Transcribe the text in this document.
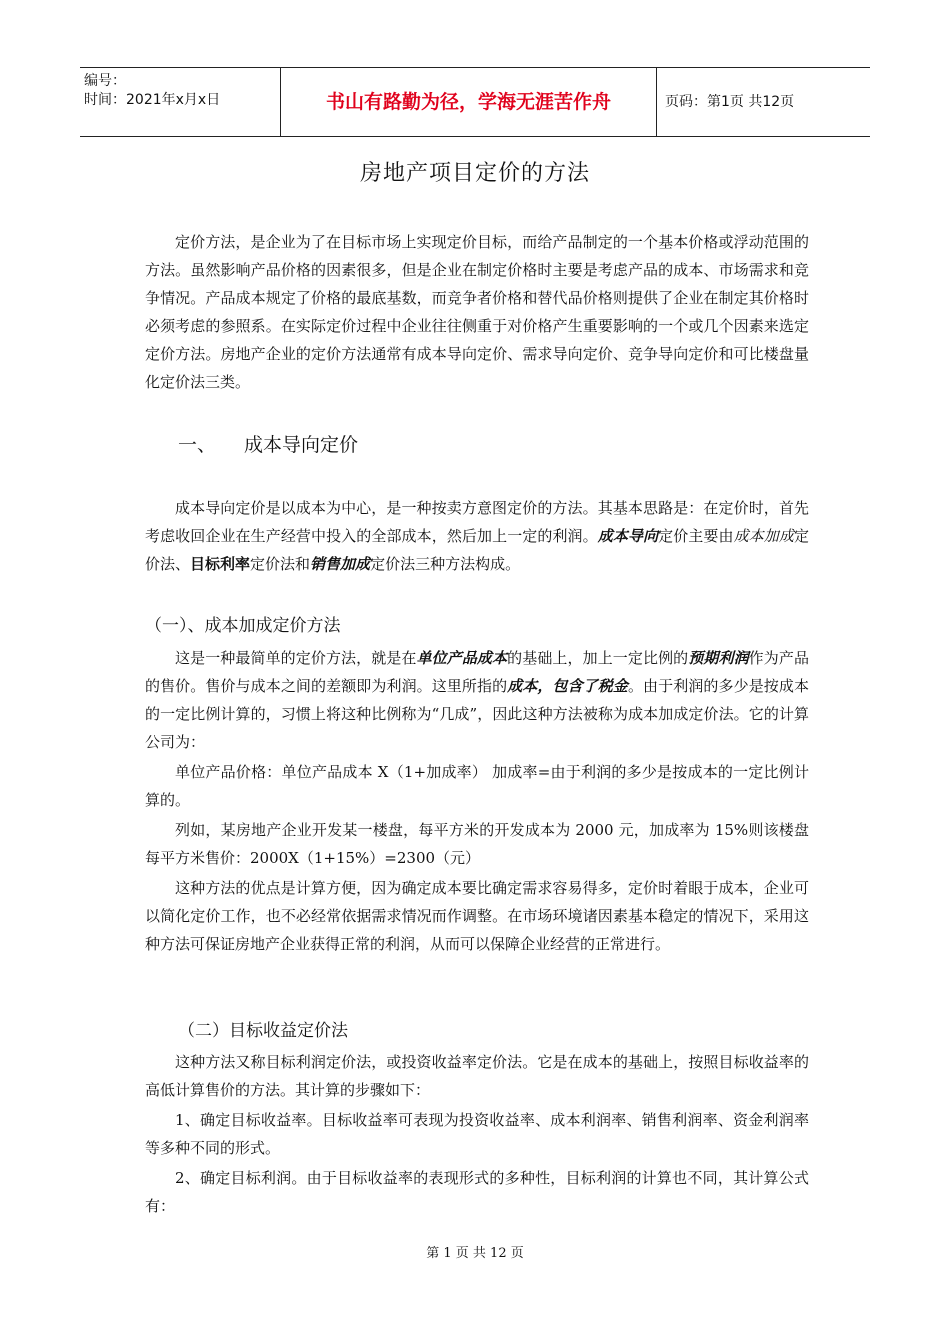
编号：
时间：2021年x月x日	书山有路勤为径，学海无涯苦作舟	页码：第1页 共12页
房地产项目定价的方法

定价方法，是企业为了在目标市场上实现定价目标，而给产品制定的一个基本价格或浮动范围的方法。虽然影响产品价格的因素很多，但是企业在制定价格时主要是考虑产品的成本、市场需求和竞争情况。产品成本规定了价格的最底基数，而竞争者价格和替代品价格则提供了企业在制定其价格时必须考虑的参照系。在实际定价过程中企业往往侧重于对价格产生重要影响的一个或几个因素来选定定价方法。房地产企业的定价方法通常有成本导向定价、需求导向定价、竞争导向定价和可比楼盘量化定价法三类。

一、 成本导向定价

成本导向定价是以成本为中心，是一种按卖方意图定价的方法。其基本思路是：在定价时，首先考虑收回企业在生产经营中投入的全部成本，然后加上一定的利润。成本导向定价主要由成本加成定价法、目标利率定价法和销售加成定价法三种方法构成。

（一）、成本加成定价方法

这是一种最简单的定价方法，就是在单位产品成本的基础上，加上一定比例的预期利润作为产品的售价。售价与成本之间的差额即为利润。这里所指的成本，包含了税金。由于利润的多少是按成本的一定比例计算的，习惯上将这种比例称为“几成”，因此这种方法被称为成本加成定价法。它的计算公司为：

单位产品价格：单位产品成本 X（1+加成率） 加成率=由于利润的多少是按成本的一定比例计算的。

列如，某房地产企业开发某一楼盘，每平方米的开发成本为 2000 元，加成率为 15%则该楼盘每平方米售价：2000X（1+15%）=2300（元）

这种方法的优点是计算方便，因为确定成本要比确定需求容易得多，定价时着眼于成本，企业可以简化定价工作，也不必经常依据需求情况而作调整。在市场环境诸因素基本稳定的情况下，采用这种方法可保证房地产企业获得正常的利润，从而可以保障企业经营的正常进行。

（二）目标收益定价法

这种方法又称目标利润定价法，或投资收益率定价法。它是在成本的基础上，按照目标收益率的高低计算售价的方法。其计算的步骤如下：

1、确定目标收益率。目标收益率可表现为投资收益率、成本利润率、销售利润率、资金利润率等多种不同的形式。

2、确定目标利润。由于目标收益率的表现形式的多种性，目标利润的计算也不同，其计算公式有：

第 1 页 共 12 页
